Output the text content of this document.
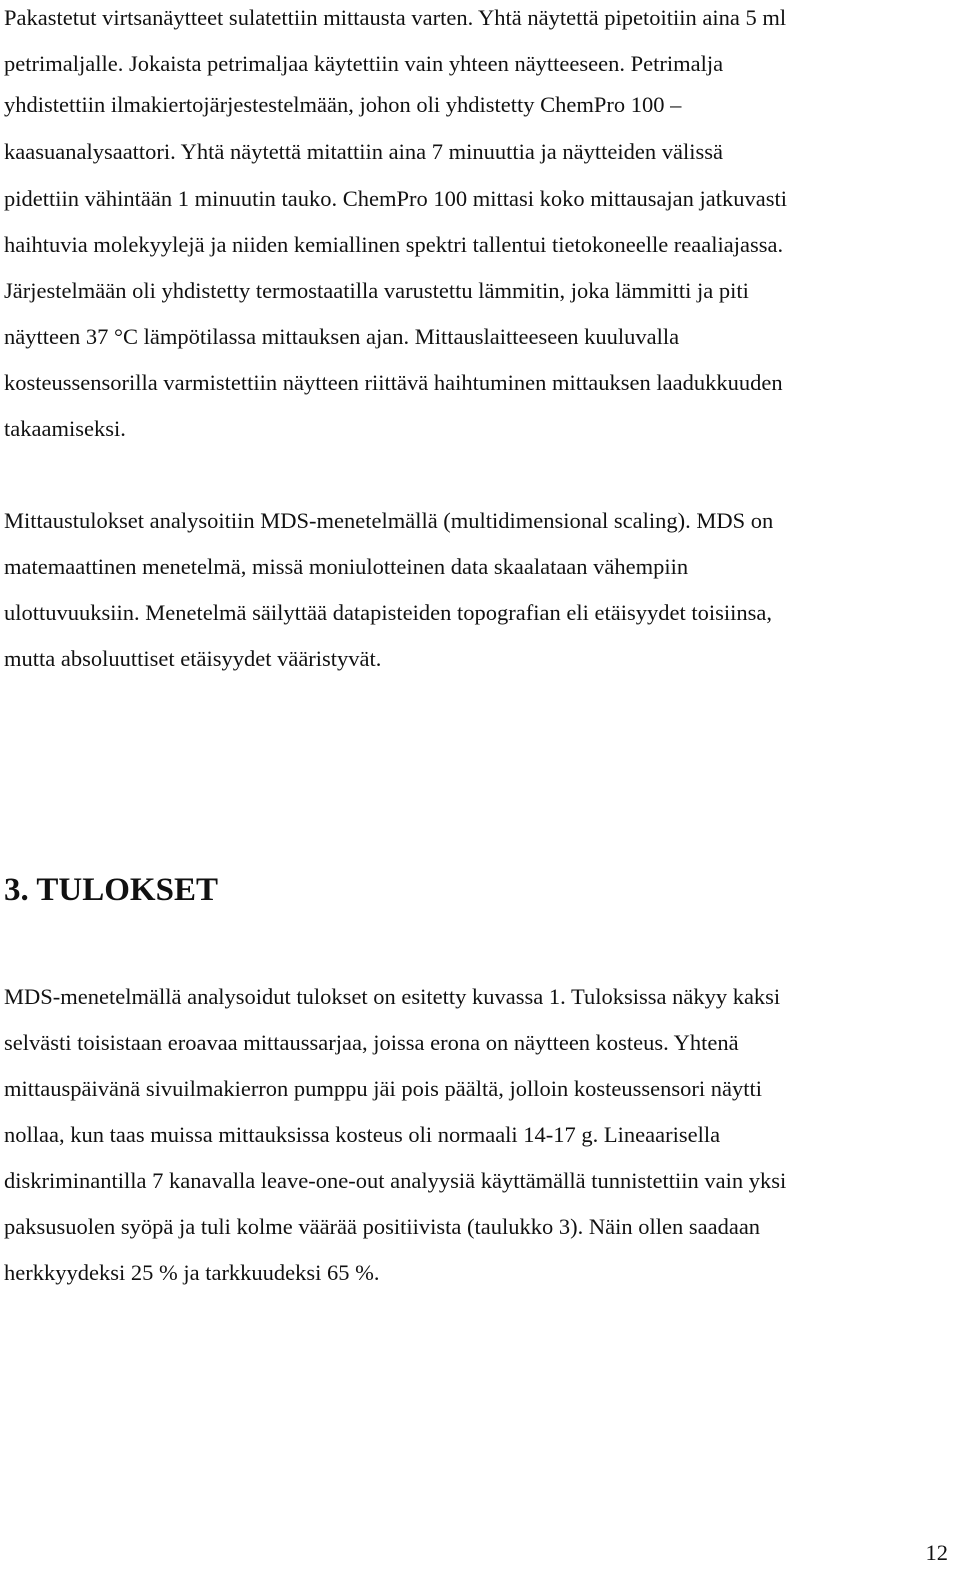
Pakastetut virtsanäytteet sulatettiin mittausta varten. Yhtä näytettä pipetoitiin aina 5 ml

petrimaljalle. Jokaista petrimaljaa käytettiin vain yhteen näytteeseen. Petrimalja

yhdistettiin ilmakiertojärjestestelmään, johon oli yhdistetty ChemPro 100 –

kaasuanalysaattori. Yhtä näytettä mitattiin aina 7 minuuttia ja näytteiden välissä

pidettiin vähintään 1 minuutin tauko. ChemPro 100 mittasi koko mittausajan jatkuvasti

haihtuvia molekyylejä ja niiden kemiallinen spektri tallentui tietokoneelle reaaliajassa.

Järjestelmään oli yhdistetty termostaatilla varustettu lämmitin, joka lämmitti ja piti

näytteen 37 °C lämpötilassa mittauksen ajan. Mittauslaitteeseen kuuluvalla

kosteussensorilla varmistettiin näytteen riittävä haihtuminen mittauksen laadukkuuden

takaamiseksi.

Mittaustulokset analysoitiin MDS-menetelmällä (multidimensional scaling). MDS on

matemaattinen menetelmä, missä moniulotteinen data skaalataan vähempiin

ulottuvuuksiin. Menetelmä säilyttää datapisteiden topografian eli etäisyydet toisiinsa,

mutta absoluuttiset etäisyydet vääristyvät.

3. TULOKSET

MDS-menetelmällä analysoidut tulokset on esitetty kuvassa 1. Tuloksissa näkyy kaksi

selvästi toisistaan eroavaa mittaussarjaa, joissa erona on näytteen kosteus. Yhtenä

mittauspäivänä sivuilmakierron pumppu jäi pois päältä, jolloin kosteussensori näytti

nollaa, kun taas muissa mittauksissa kosteus oli normaali 14-17 g. Lineaarisella

diskriminantilla 7 kanavalla leave-one-out analyysiä käyttämällä tunnistettiin vain yksi

paksusuolen syöpä ja tuli kolme väärää positiivista (taulukko 3). Näin ollen saadaan

herkkyydeksi 25 % ja tarkkuudeksi 65 %.

12
